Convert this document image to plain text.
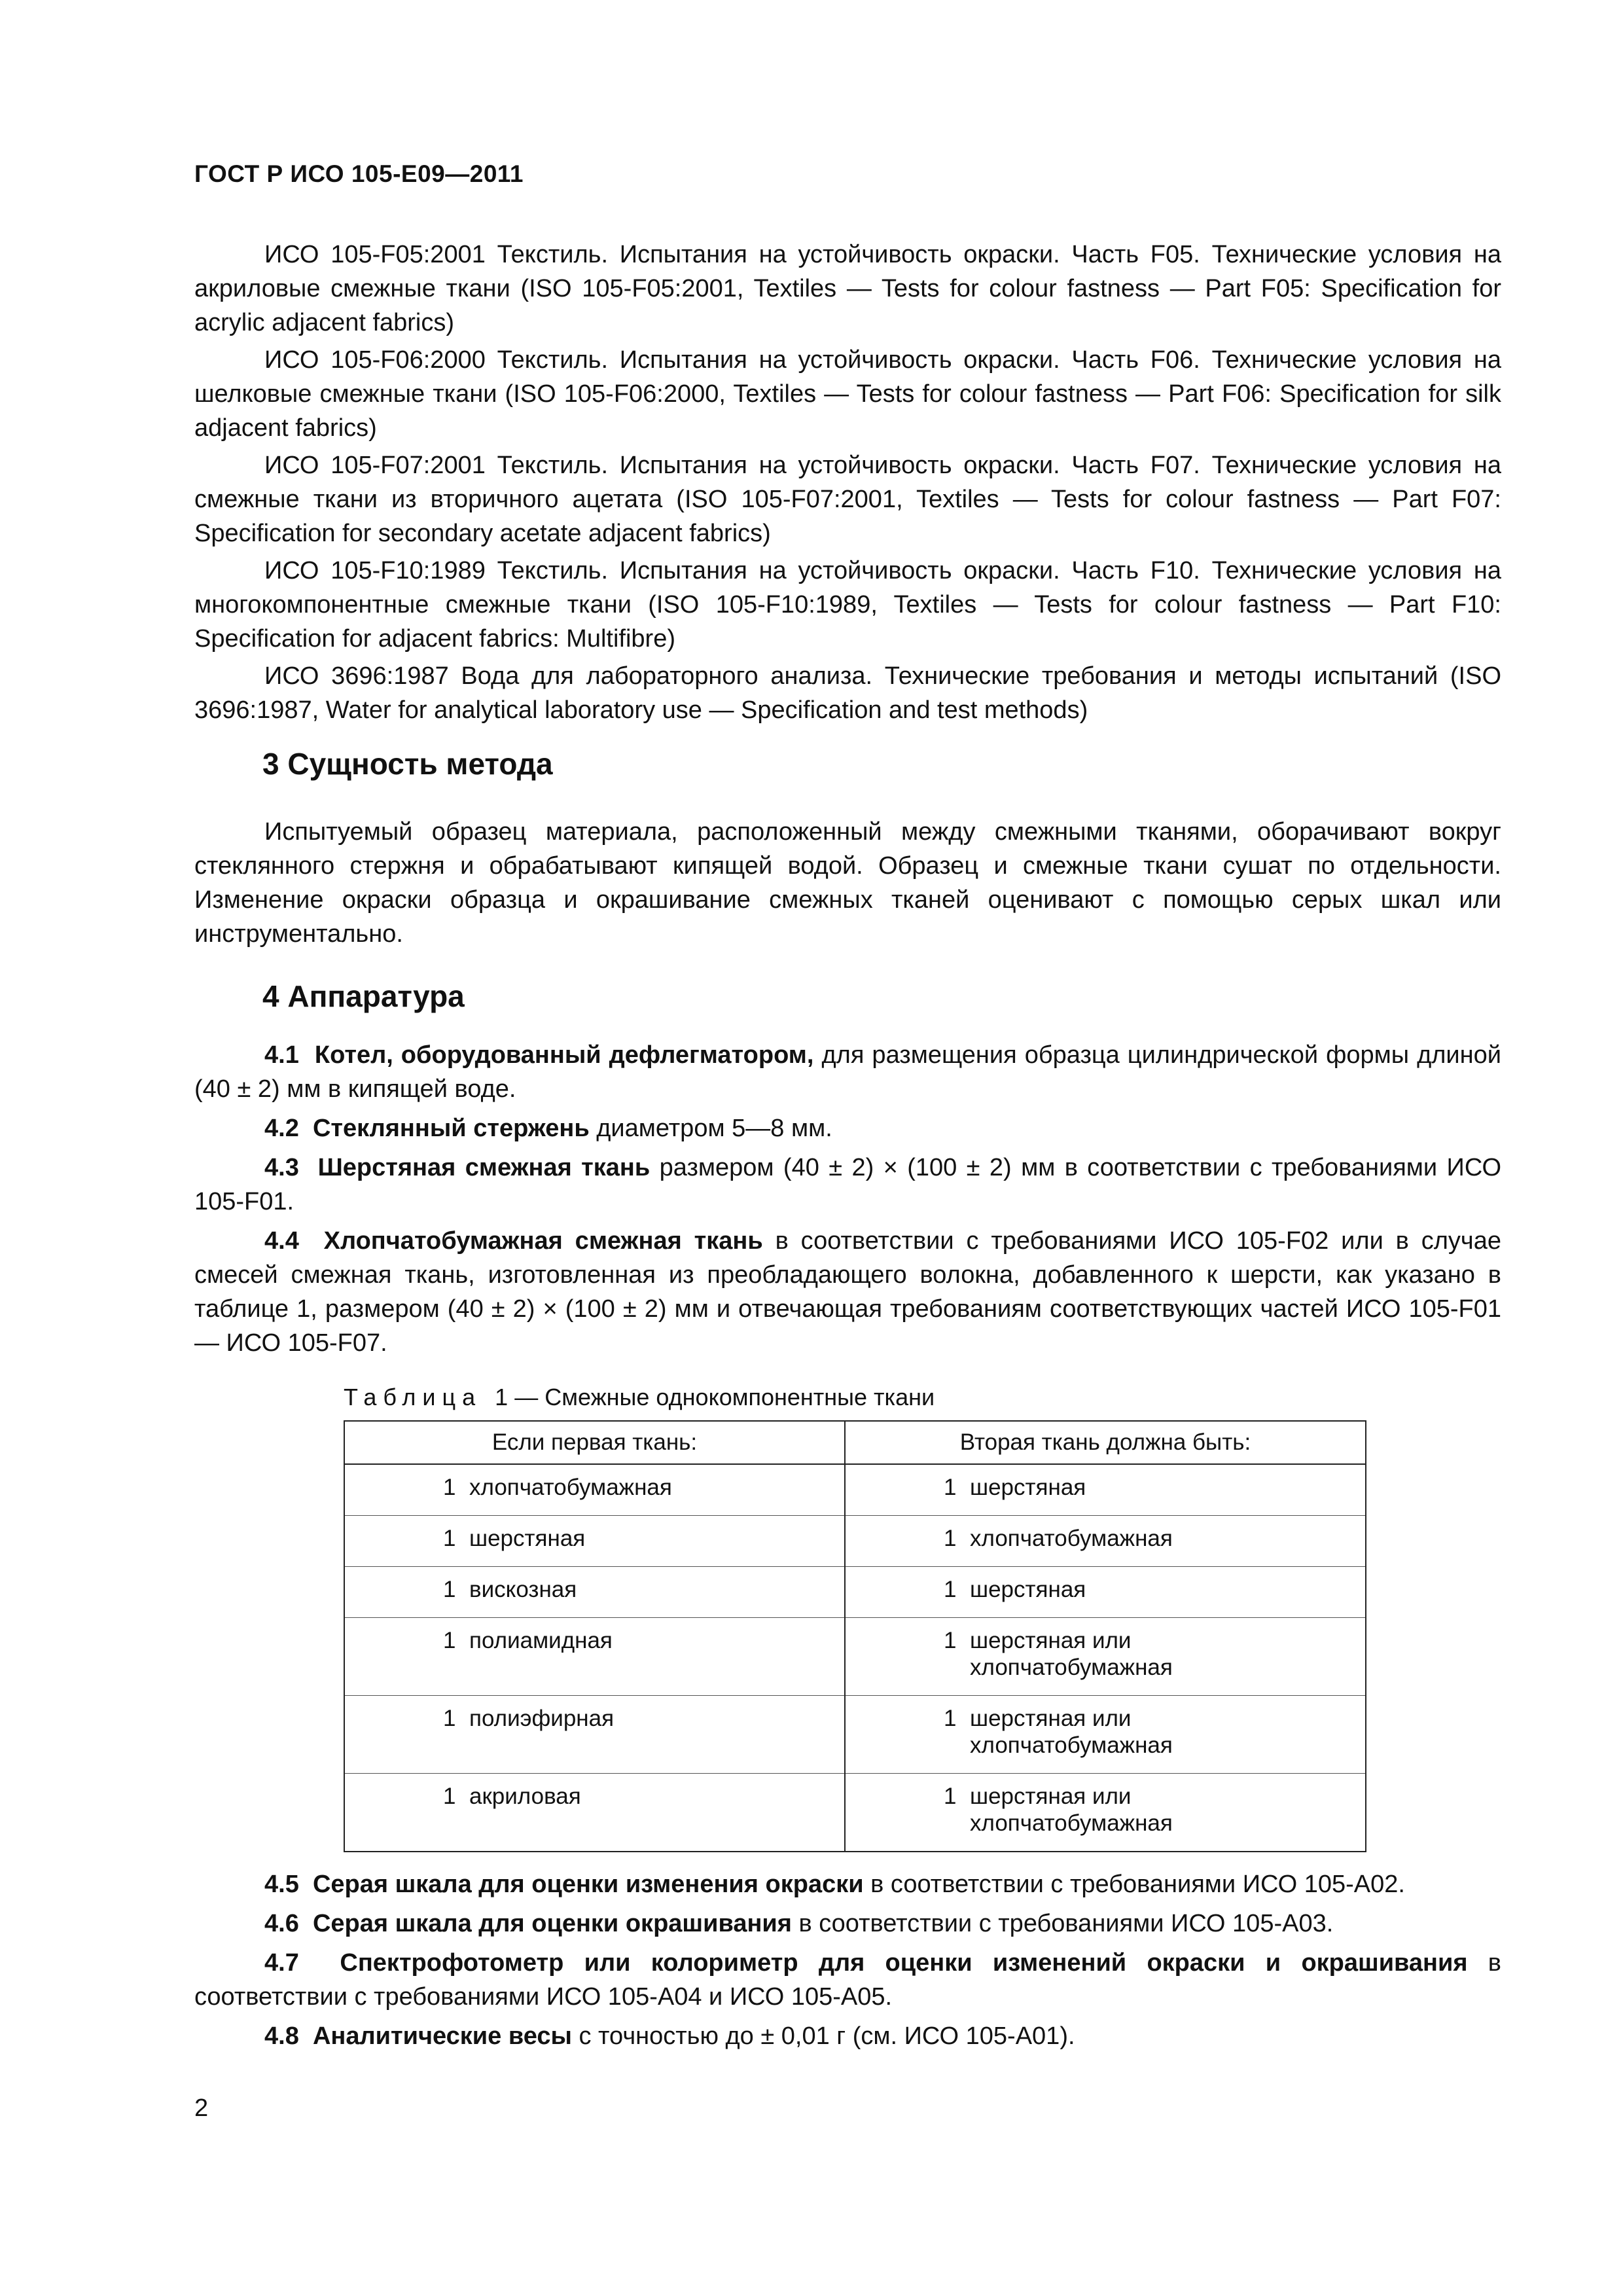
ГОСТ Р ИСО 105-E09—2011

ИСО 105-F05:2001 Текстиль. Испытания на устойчивость окраски. Часть F05. Технические условия на акриловые смежные ткани (ISO 105-F05:2001, Textiles — Tests for colour fastness — Part F05: Specification for acrylic adjacent fabrics)

ИСО 105-F06:2000 Текстиль. Испытания на устойчивость окраски. Часть F06. Технические условия на шелковые смежные ткани (ISO 105-F06:2000, Textiles — Tests for colour fastness — Part F06: Specification for silk adjacent fabrics)

ИСО 105-F07:2001 Текстиль. Испытания на устойчивость окраски. Часть F07. Технические условия на смежные ткани из вторичного ацетата (ISO 105-F07:2001, Textiles — Tests for colour fastness — Part F07: Specification for secondary acetate adjacent fabrics)

ИСО 105-F10:1989 Текстиль. Испытания на устойчивость окраски. Часть F10. Технические условия на многокомпонентные смежные ткани (ISO 105-F10:1989, Textiles — Tests for colour fastness — Part F10: Specification for adjacent fabrics: Multifibre)

ИСО 3696:1987 Вода для лабораторного анализа. Технические требования и методы испытаний (ISO 3696:1987, Water for analytical laboratory use — Specification and test methods)

3 Сущность метода

Испытуемый образец материала, расположенный между смежными тканями, оборачивают вокруг стеклянного стержня и обрабатывают кипящей водой. Образец и смежные ткани сушат по отдельности. Изменение окраски образца и окрашивание смежных тканей оценивают с помощью серых шкал или инструментально.

4 Аппаратура

4.1 Котел, оборудованный дефлегматором, для размещения образца цилиндрической формы длиной (40 ± 2) мм в кипящей воде.

4.2 Стеклянный стержень диаметром 5—8 мм.

4.3 Шерстяная смежная ткань размером (40 ± 2) × (100 ± 2) мм в соответствии с требованиями ИСО 105-F01.

4.4 Хлопчатобумажная смежная ткань в соответствии с требованиями ИСО 105-F02 или в случае смесей смежная ткань, изготовленная из преобладающего волокна, добавленного к шерсти, как указано в таблице 1, размером (40 ± 2) × (100 ± 2) мм и отвечающая требованиям соответствующих частей ИСО 105-F01 — ИСО 105-F07.

Таблица 1 — Смежные однокомпонентные ткани
Если первая ткань:	Вторая ткань должна быть:
1 хлопчатобумажная	1 шерстяная
1 шерстяная	1 хлопчатобумажная
1 вискозная	1 шерстяная
1 полиамидная	1 шерстяная или
хлопчатобумажная
1 полиэфирная	1 шерстяная или
хлопчатобумажная
1 акриловая	1 шерстяная или
хлопчатобумажная

4.5 Серая шкала для оценки изменения окраски в соответствии с требованиями ИСО 105-A02.

4.6 Серая шкала для оценки окрашивания в соответствии с требованиями ИСО 105-A03.

4.7 Спектрофотометр или колориметр для оценки изменений окраски и окрашивания в соответствии с требованиями ИСО 105-A04 и ИСО 105-A05.

4.8 Аналитические весы с точностью до ± 0,01 г (см. ИСО 105-A01).

2
